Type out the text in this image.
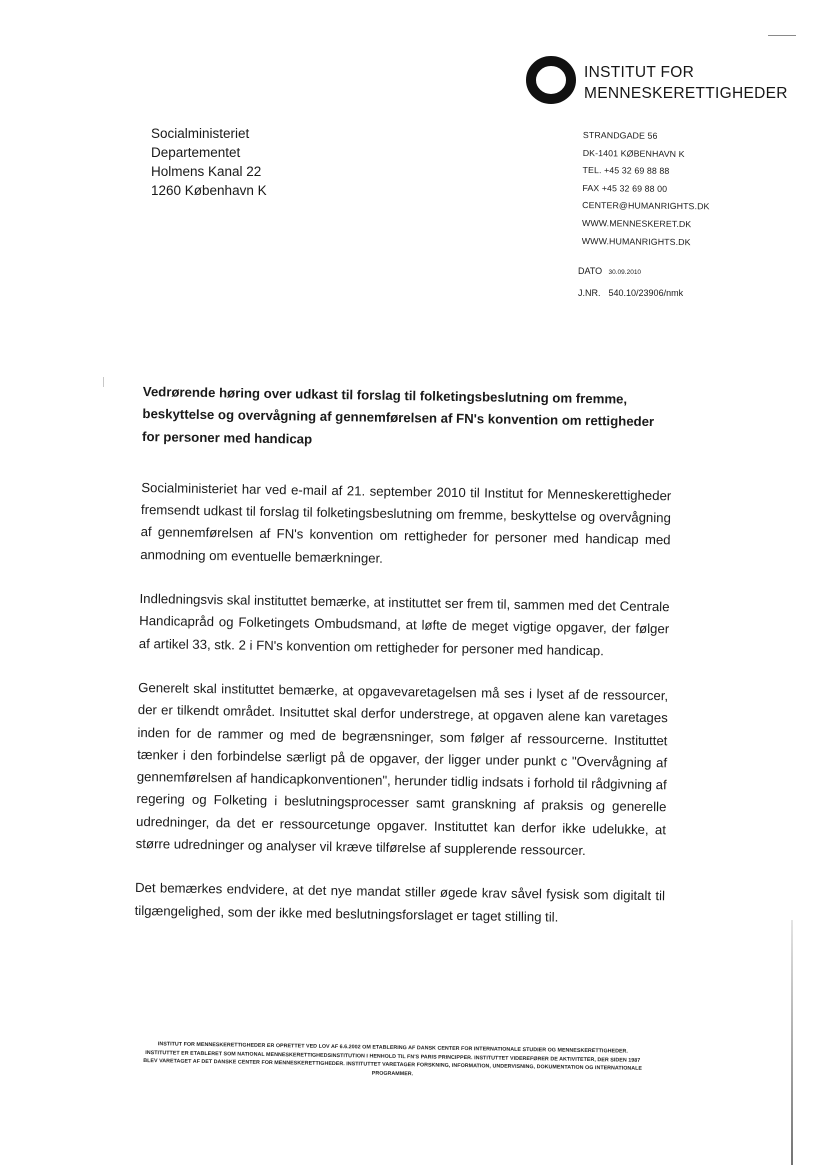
INSTITUT FOR
MENNESKERETTIGHEDER
Socialministeriet
Departementet
Holmens Kanal 22
1260 København K
STRANDGADE 56
DK-1401 KØBENHAVN K
TEL. +45 32 69 88 88
FAX +45 32 69 88 00
CENTER@HUMANRIGHTS.DK
WWW.MENNESKERET.DK
WWW.HUMANRIGHTS.DK
DATO 30.09.2010
J.NR. 540.10/23906/nmk

Vedrørende høring over udkast til forslag til folketingsbeslutning om fremme, beskyttelse og overvågning af gennemførelsen af FN's konvention om rettigheder for personer med handicap

Socialministeriet har ved e-mail af 21. september 2010 til Institut for Menneskerettigheder fremsendt udkast til forslag til folketingsbeslutning om fremme, beskyttelse og overvågning af gennemførelsen af FN's konvention om rettigheder for personer med handicap med anmodning om eventuelle bemærkninger.

Indledningsvis skal instituttet bemærke, at instituttet ser frem til, sammen med det Centrale Handicapråd og Folketingets Ombudsmand, at løfte de meget vigtige opgaver, der følger af artikel 33, stk. 2 i FN's konvention om rettigheder for personer med handicap.

Generelt skal instituttet bemærke, at opgavevaretagelsen må ses i lyset af de ressourcer, der er tilkendt området. Insituttet skal derfor understrege, at opgaven alene kan varetages inden for de rammer og med de begrænsninger, som følger af ressourcerne. Instituttet tænker i den forbindelse særligt på de opgaver, der ligger under punkt c "Overvågning af gennemførelsen af handicapkonventionen", herunder tidlig indsats i forhold til rådgivning af regering og Folketing i beslutningsprocesser samt granskning af praksis og generelle udredninger, da det er ressourcetunge opgaver. Instituttet kan derfor ikke udelukke, at større udredninger og analyser vil kræve tilførelse af supplerende ressourcer.

Det bemærkes endvidere, at det nye mandat stiller øgede krav såvel fysisk som digitalt til tilgængelighed, som der ikke med beslutningsforslaget er taget stilling til.

INSTITUT FOR MENNESKERETTIGHEDER ER OPRETTET VED LOV AF 6.6.2002 OM ETABLERING AF DANSK CENTER FOR INTERNATIONALE STUDIER OG MENNESKERETTIGHEDER. INSTITUTTET ER ETABLERET SOM NATIONAL MENNESKERETTIGHEDSINSTITUTION I HENHOLD TIL FN'S PARIS PRINCIPPER. INSTITUTTET VIDEREFØRER DE AKTIVITETER, DER SIDEN 1987 BLEV VARETAGET AF DET DANSKE CENTER FOR MENNESKERETTIGHEDER. INSTITUTTET VARETAGER FORSKNING, INFORMATION, UNDERVISNING, DOKUMENTATION OG INTERNATIONALE PROGRAMMER.
